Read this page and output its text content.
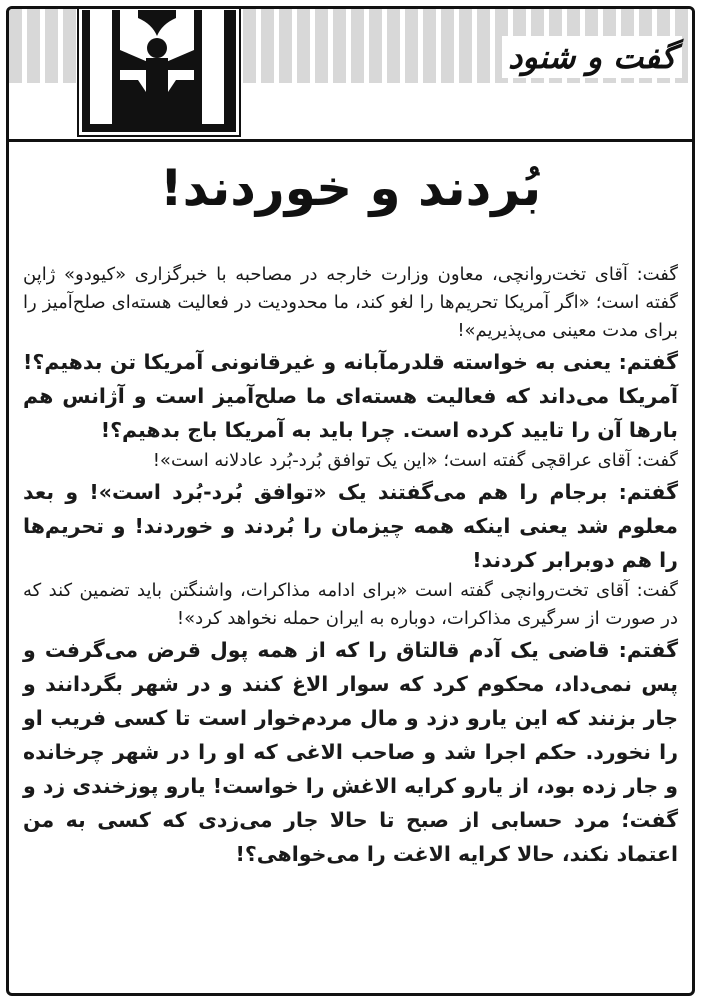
گفت و شنود
بُردند و خوردند!

گفت: آقای تخت‌روانچی، معاون وزارت خارجه در مصاحبه با خبرگزاری «کیودو» ژاپن گفته است؛ «اگر آمریکا تحریم‌ها را لغو کند، ما محدودیت در فعالیت هسته‌ای صلح‌آمیز را برای مدت معینی می‌پذیریم»!

گفتم: یعنی به خواسته قلدرمآبانه و غیرقانونی آمریکا تن بدهیم؟! آمریکا می‌داند که فعالیت هسته‌ای ما صلح‌آمیز است و آژانس هم بارها آن را تایید کرده است. چرا باید به آمریکا باج بدهیم؟!

گفت: آقای عراقچی گفته است؛ «این یک توافق بُرد-بُرد عادلانه است»!

گفتم: برجام را هم می‌گفتند یک «توافق بُرد-بُرد است»! و بعد معلوم شد یعنی اینکه همه چیزمان را بُردند و خوردند! و تحریم‌ها را هم دوبرابر کردند!

گفت: آقای تخت‌روانچی گفته است «برای ادامه مذاکرات، واشنگتن باید تضمین کند که در صورت از سرگیری مذاکرات، دوباره به ایران حمله نخواهد کرد»!

گفتم: قاضی یک آدم قالتاق را که از همه پول قرض می‌گرفت و پس نمی‌داد، محکوم کرد که سوار الاغ کنند و در شهر بگردانند و جار بزنند که این یارو دزد و مال مردم‌خوار است تا کسی فریب او را نخورد. حکم اجرا شد و صاحب الاغی که او را در شهر چرخانده و جار زده بود، از یارو کرایه الاغش را خواست! یارو پوزخندی زد و گفت؛ مرد حسابی از صبح تا حالا جار می‌زدی که کسی به من اعتماد نکند، حالا کرایه الاغت را می‌خواهی؟!
